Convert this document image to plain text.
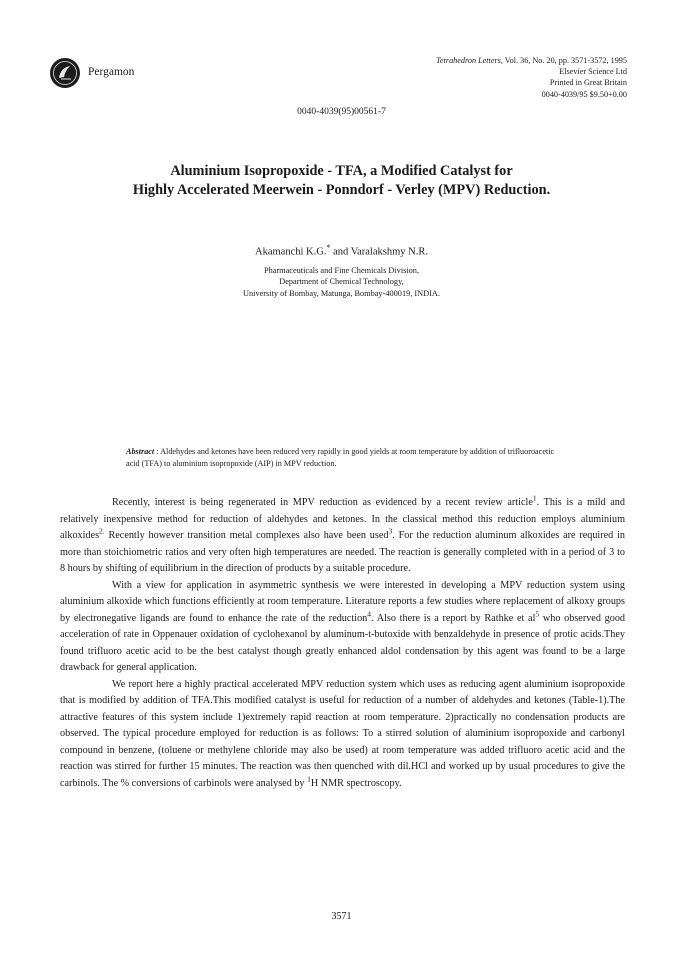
Pergamon
Tetrahedron Letters, Vol. 36, No. 20, pp. 3571-3572, 1995
Elsevier Science Ltd
Printed in Great Britain
0040-4039/95 $9.50+0.00
0040-4039(95)00561-7
Aluminium Isopropoxide - TFA, a Modified Catalyst for
Highly Accelerated Meerwein - Ponndorf - Verley (MPV) Reduction.
Akamanchi K.G.* and Varalakshmy N.R.
Pharmaceuticals and Fine Chemicals Division,
Department of Chemical Technology,
University of Bombay, Matunga, Bombay-400019, INDIA.
Abstract : Aldehydes and ketones have been reduced very rapidly in good yields at room temperature by addition of trifluoroacetic acid (TFA) to aluminium isopropoxide (AIP) in MPV reduction.

Recently, interest is being regenerated in MPV reduction as evidenced by a recent review article$^1$. This is a mild and relatively inexpensive method for reduction of aldehydes and ketones. In the classical method this reduction employs aluminium alkoxides$^{2.}$ Recently however transition metal complexes also have been used$^3$. For the reduction aluminum alkoxides are required in more than stoichiometric ratios and very often high temperatures are needed. The reaction is generally completed with in a period of 3 to 8 hours by shifting of equilibrium in the direction of products by a suitable procedure.

With a view for application in asymmetric synthesis we were interested in developing a MPV reduction system using aluminium alkoxide which functions efficiently at room temperature. Literature reports a few studies where replacement of alkoxy groups by electronegative ligands are found to enhance the rate of the reduction$^4$. Also there is a report by Rathke et $al^5$ who observed good acceleration of rate in Oppenauer oxidation of cyclohexanol by aluminum-t-butoxide with benzaldehyde in presence of protic acids.They found trifluoro acetic acid to be the best catalyst though greatly enhanced aldol condensation by this agent was found to be a large drawback for general application.

We report here a highly practical accelerated MPV reduction system which uses as reducing agent aluminium isopropoxide that is modified by addition of TFA.This modified catalyst is useful for reduction of a number of aldehydes and ketones (Table-1).The attractive features of this system include 1)extremely rapid reaction at room temperature. 2)practically no condensation products are observed. The typical procedure employed for reduction is as follows: To a stirred solution of aluminium isopropoxide and carbonyl compound in benzene, (toluene or methylene chloride may also be used) at room temperature was added trifluoro acetic acid and the reaction was stirred for further 15 minutes. The reaction was then quenched with dil.HCl and worked up by usual procedures to give the carbinols. The % conversions of carbinols were analysed by $^1$H NMR spectroscopy.

3571
